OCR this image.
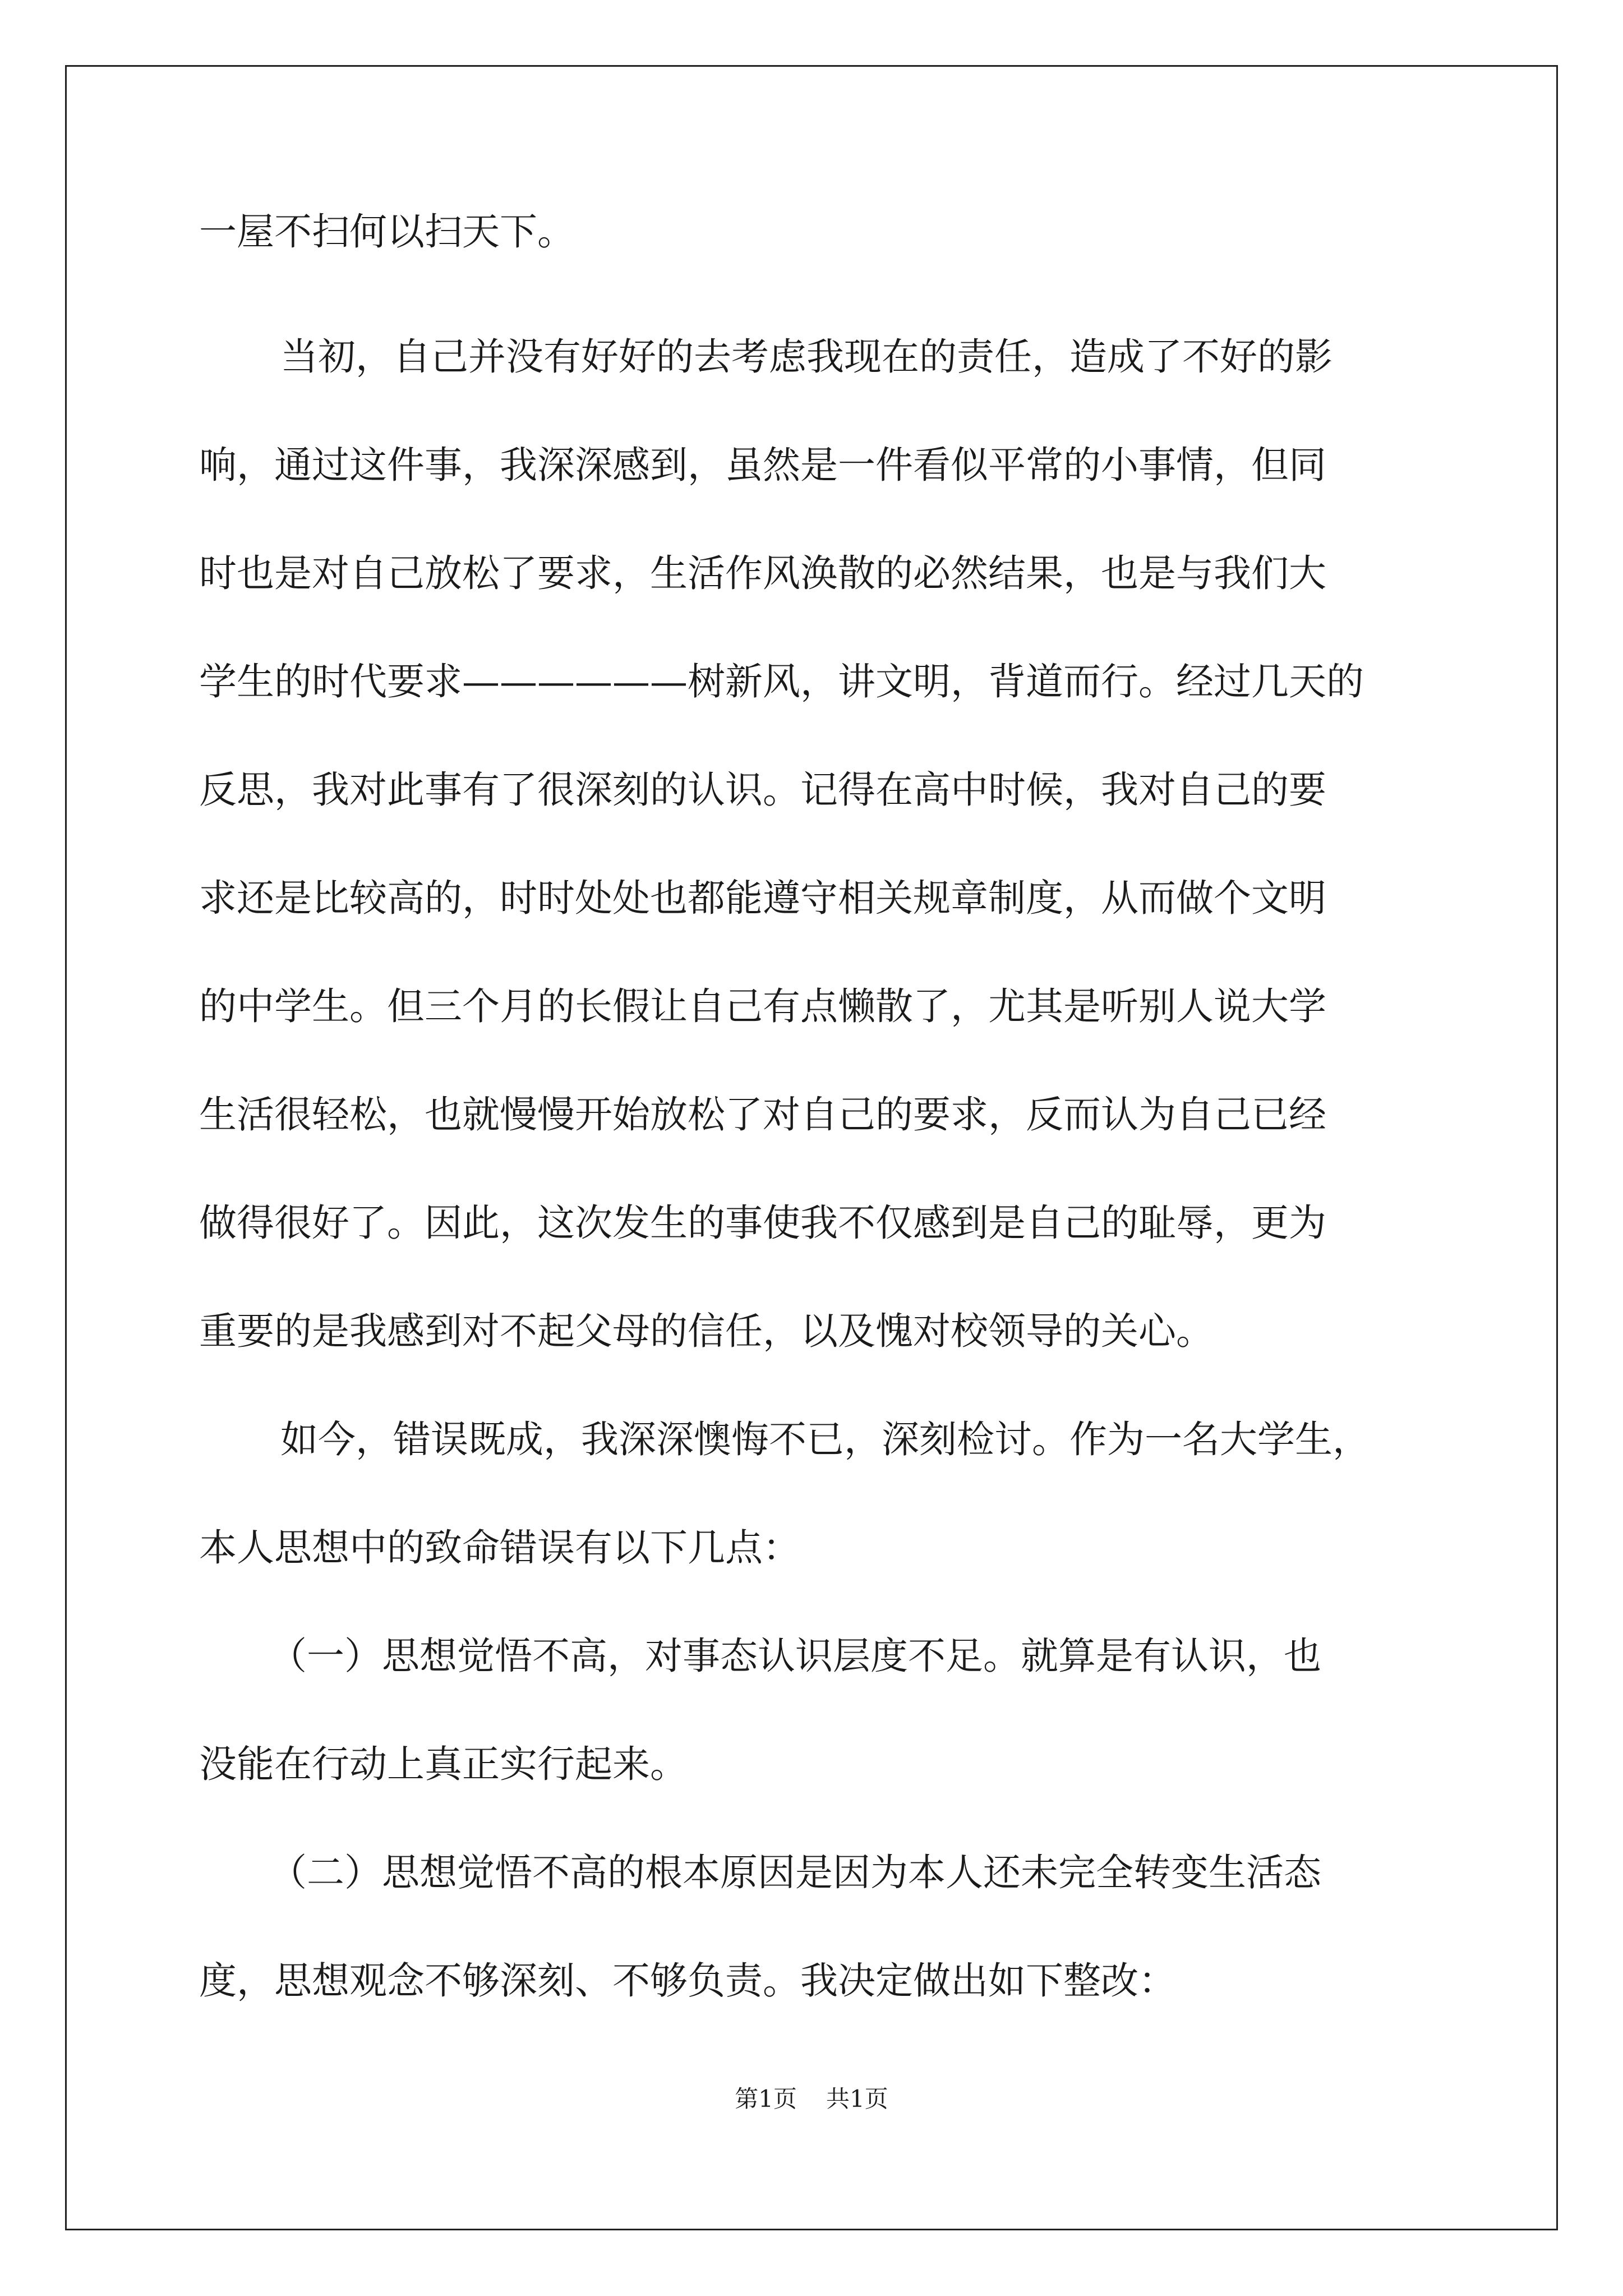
一屋不扫何以扫天下。

当初，自己并没有好好的去考虑我现在的责任，造成了不好的影

响，通过这件事，我深深感到，虽然是一件看似平常的小事情，但同

时也是对自己放松了要求，生活作风涣散的必然结果，也是与我们大

学生的时代要求——————树新风，讲文明，背道而行。经过几天的

反思，我对此事有了很深刻的认识。记得在高中时候，我对自己的要

求还是比较高的，时时处处也都能遵守相关规章制度，从而做个文明

的中学生。但三个月的长假让自己有点懒散了，尤其是听别人说大学

生活很轻松，也就慢慢开始放松了对自己的要求，反而认为自己已经

做得很好了。因此，这次发生的事使我不仅感到是自己的耻辱，更为

重要的是我感到对不起父母的信任，以及愧对校领导的关心。

如今，错误既成，我深深懊悔不已，深刻检讨。作为一名大学生，

本人思想中的致命错误有以下几点：

（一）思想觉悟不高，对事态认识层度不足。就算是有认识，也

没能在行动上真正实行起来。

（二）思想觉悟不高的根本原因是因为本人还未完全转变生活态

度，思想观念不够深刻、不够负责。我决定做出如下整改：

第1页 共1页
